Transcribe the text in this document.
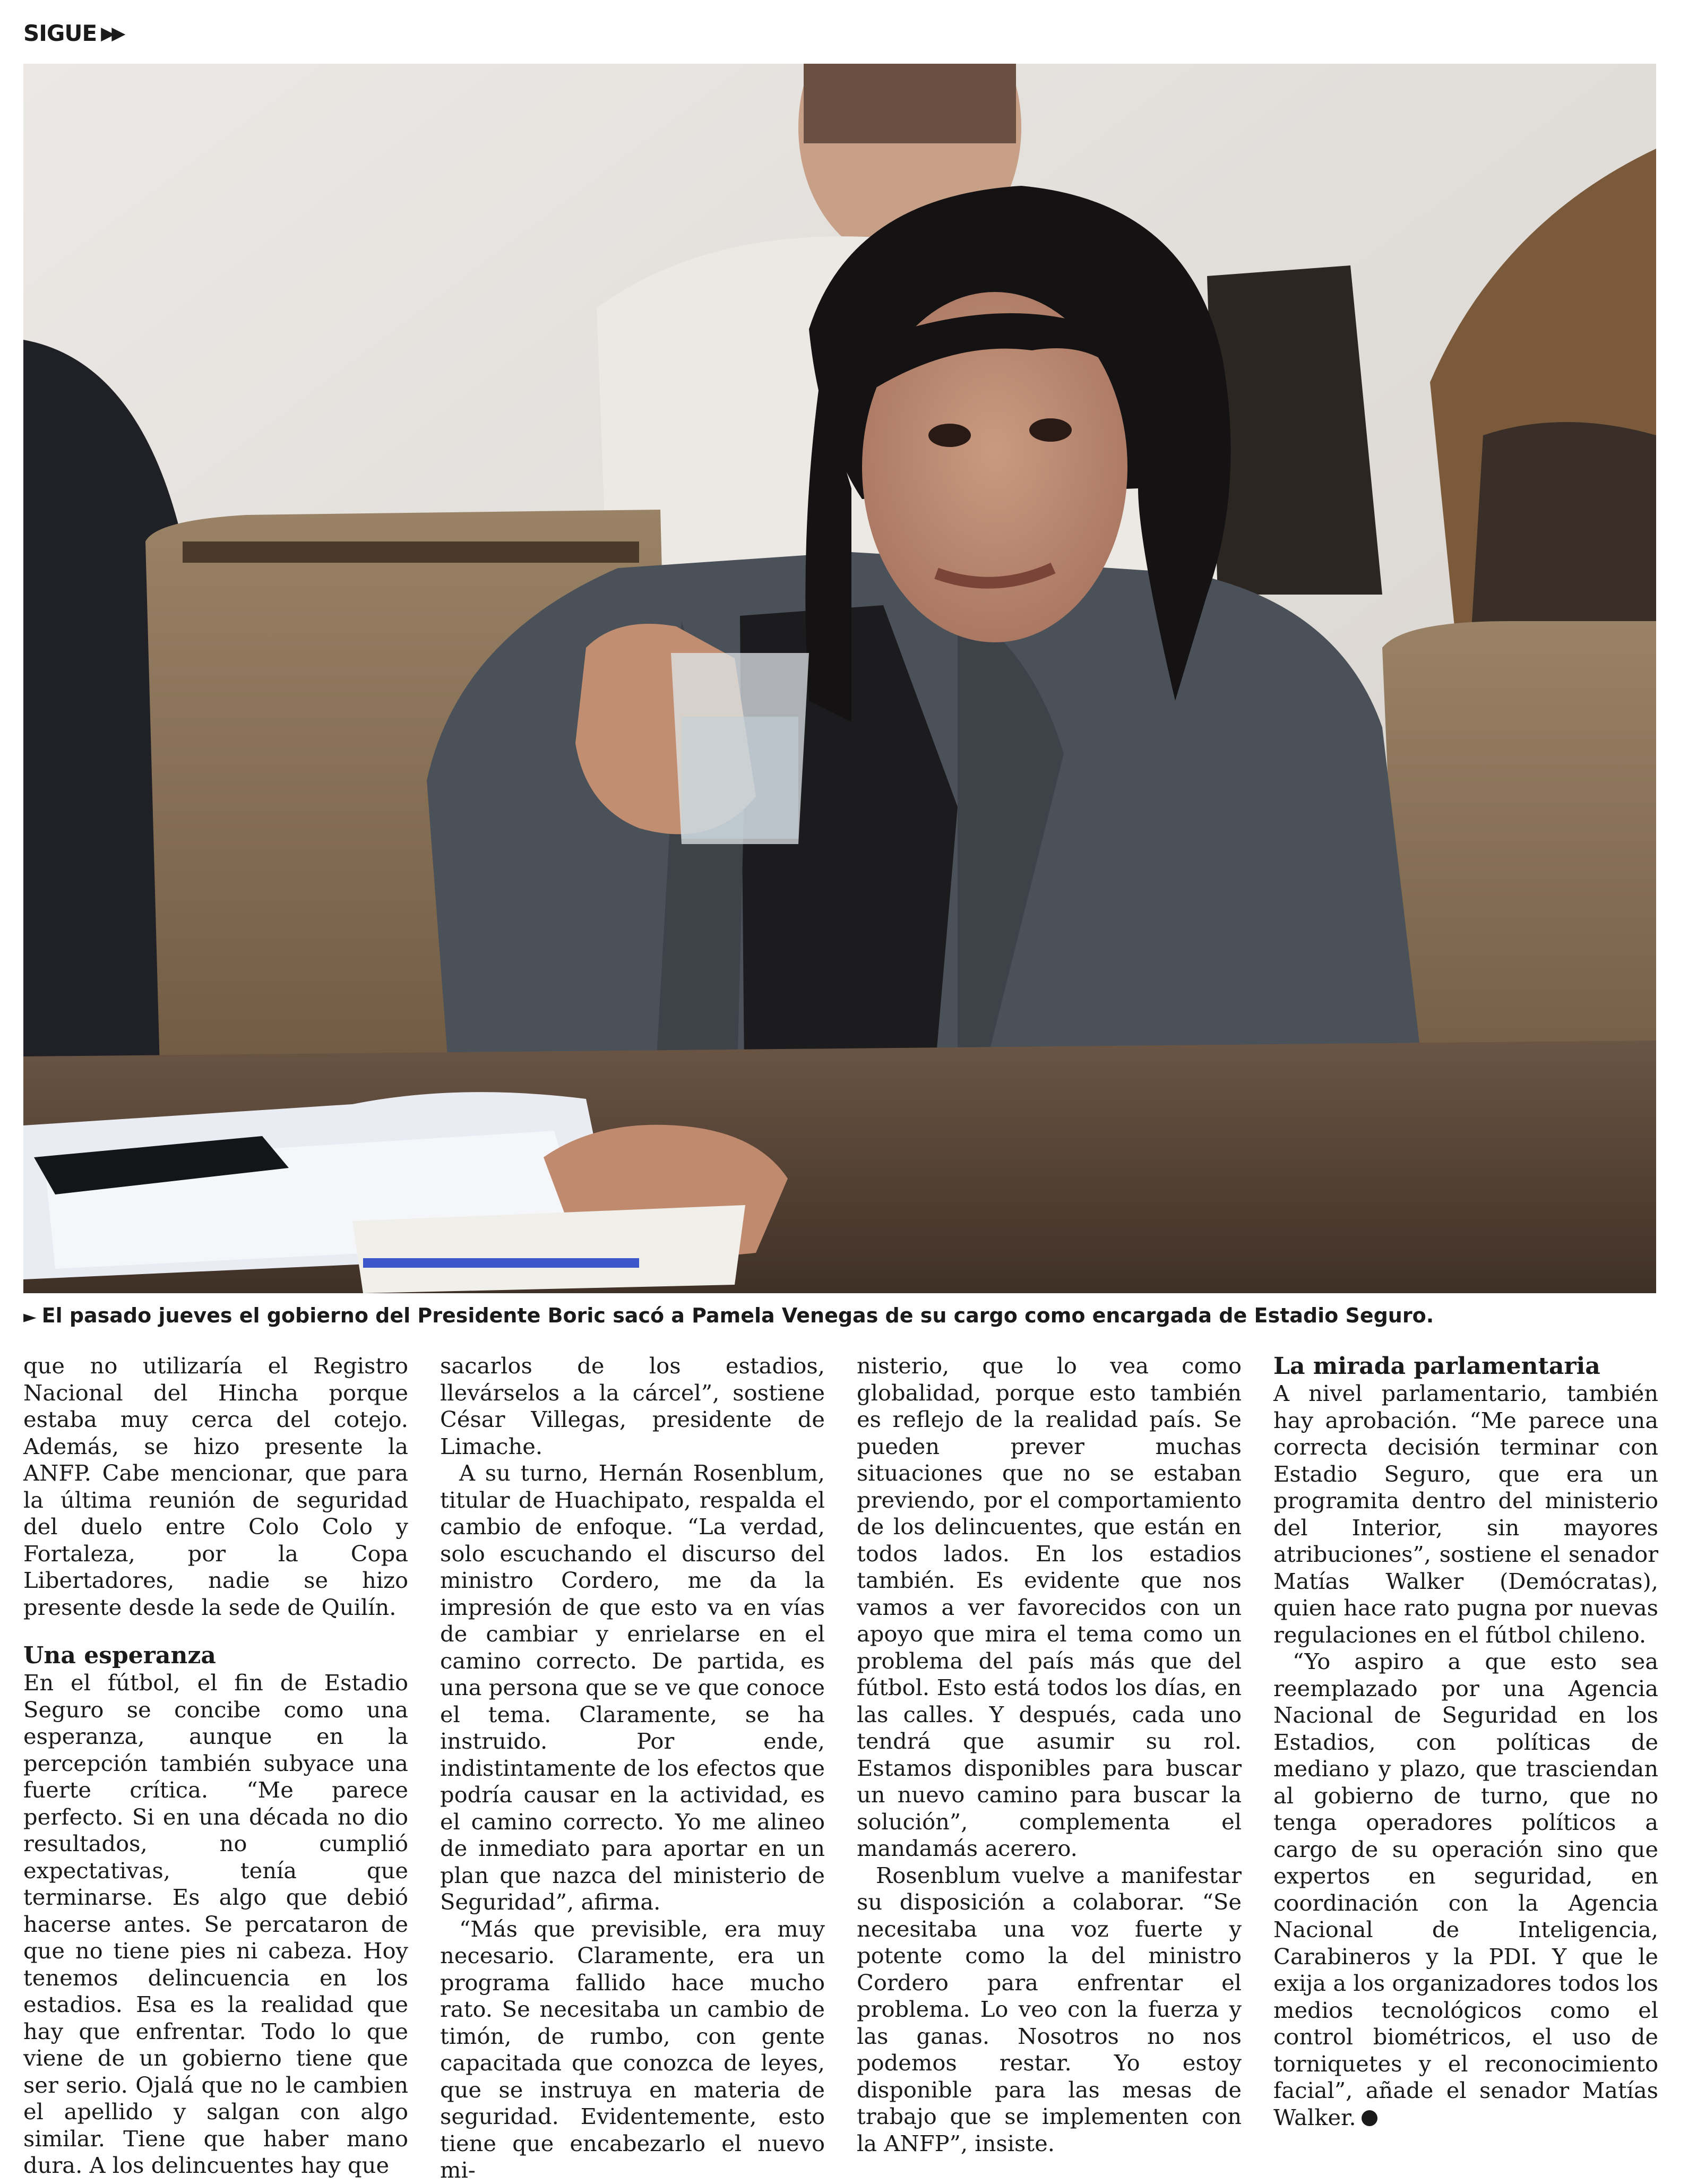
SIGUE ▶▶
► El pasado jueves el gobierno del Presidente Boric sacó a Pamela Venegas de su cargo como encargada de Estadio Seguro.

que no utilizaría el Registro Nacional del Hincha porque estaba muy cerca del cotejo. Además, se hizo presente la ANFP. Cabe mencionar, que para la última reunión de seguridad del duelo entre Colo Colo y Fortaleza, por la Copa Libertadores, nadie se hizo presente desde la sede de Quilín.

Una esperanza

En el fútbol, el fin de Estadio Seguro se concibe como una esperanza, aunque en la percepción también subyace una fuerte crítica. “Me parece perfecto. Si en una década no dio resultados, no cumplió expectativas, tenía que terminarse. Es algo que debió hacerse antes. Se percataron de que no tiene pies ni cabeza. Hoy tenemos delincuencia en los estadios. Esa es la realidad que hay que enfrentar. Todo lo que viene de un gobierno tiene que ser serio. Ojalá que no le cambien el apellido y salgan con algo similar. Tiene que haber mano dura. A los delincuentes hay que

sacarlos de los estadios, llevárselos a la cárcel”, sostiene César Villegas, presidente de Limache.

A su turno, Hernán Rosenblum, titular de Huachipato, respalda el cambio de enfoque. “La verdad, solo escuchando el discurso del ministro Cordero, me da la impresión de que esto va en vías de cambiar y enrielarse en el camino correcto. De partida, es una persona que se ve que conoce el tema. Claramente, se ha instruido. Por ende, indistintamente de los efectos que podría causar en la actividad, es el camino correcto. Yo me alineo de inmediato para aportar en un plan que nazca del ministerio de Seguridad”, afirma.

“Más que previsible, era muy necesario. Claramente, era un programa fallido hace mucho rato. Se necesitaba un cambio de timón, de rumbo, con gente capacitada que conozca de leyes, que se instruya en materia de seguridad. Evidentemente, esto tiene que encabezarlo el nuevo mi-

nisterio, que lo vea como globalidad, porque esto también es reflejo de la realidad país. Se pueden prever muchas situaciones que no se estaban previendo, por el comportamiento de los delincuentes, que están en todos lados. En los estadios también. Es evidente que nos vamos a ver favorecidos con un apoyo que mira el tema como un problema del país más que del fútbol. Esto está todos los días, en las calles. Y después, cada uno tendrá que asumir su rol. Estamos disponibles para buscar un nuevo camino para buscar la solución”, complementa el mandamás acerero.

Rosenblum vuelve a manifestar su disposición a colaborar. “Se necesitaba una voz fuerte y potente como la del ministro Cordero para enfrentar el problema. Lo veo con la fuerza y las ganas. Nosotros no nos podemos restar. Yo estoy disponible para las mesas de trabajo que se implementen con la ANFP”, insiste.

La mirada parlamentaria

A nivel parlamentario, también hay aprobación. “Me parece una correcta decisión terminar con Estadio Seguro, que era un programita dentro del ministerio del Interior, sin mayores atribuciones”, sostiene el senador Matías Walker (Demócratas), quien hace rato pugna por nuevas regulaciones en el fútbol chileno.

“Yo aspiro a que esto sea reemplazado por una Agencia Nacional de Seguridad en los Estadios, con políticas de mediano y plazo, que trasciendan al gobierno de turno, que no tenga operadores políticos a cargo de su operación sino que expertos en seguridad, en coordinación con la Agencia Nacional de Inteligencia, Carabineros y la PDI. Y que le exija a los organizadores todos los medios tecnológicos como el control biométricos, el uso de torniquetes y el reconocimiento facial”, añade el senador Matías Walker.
